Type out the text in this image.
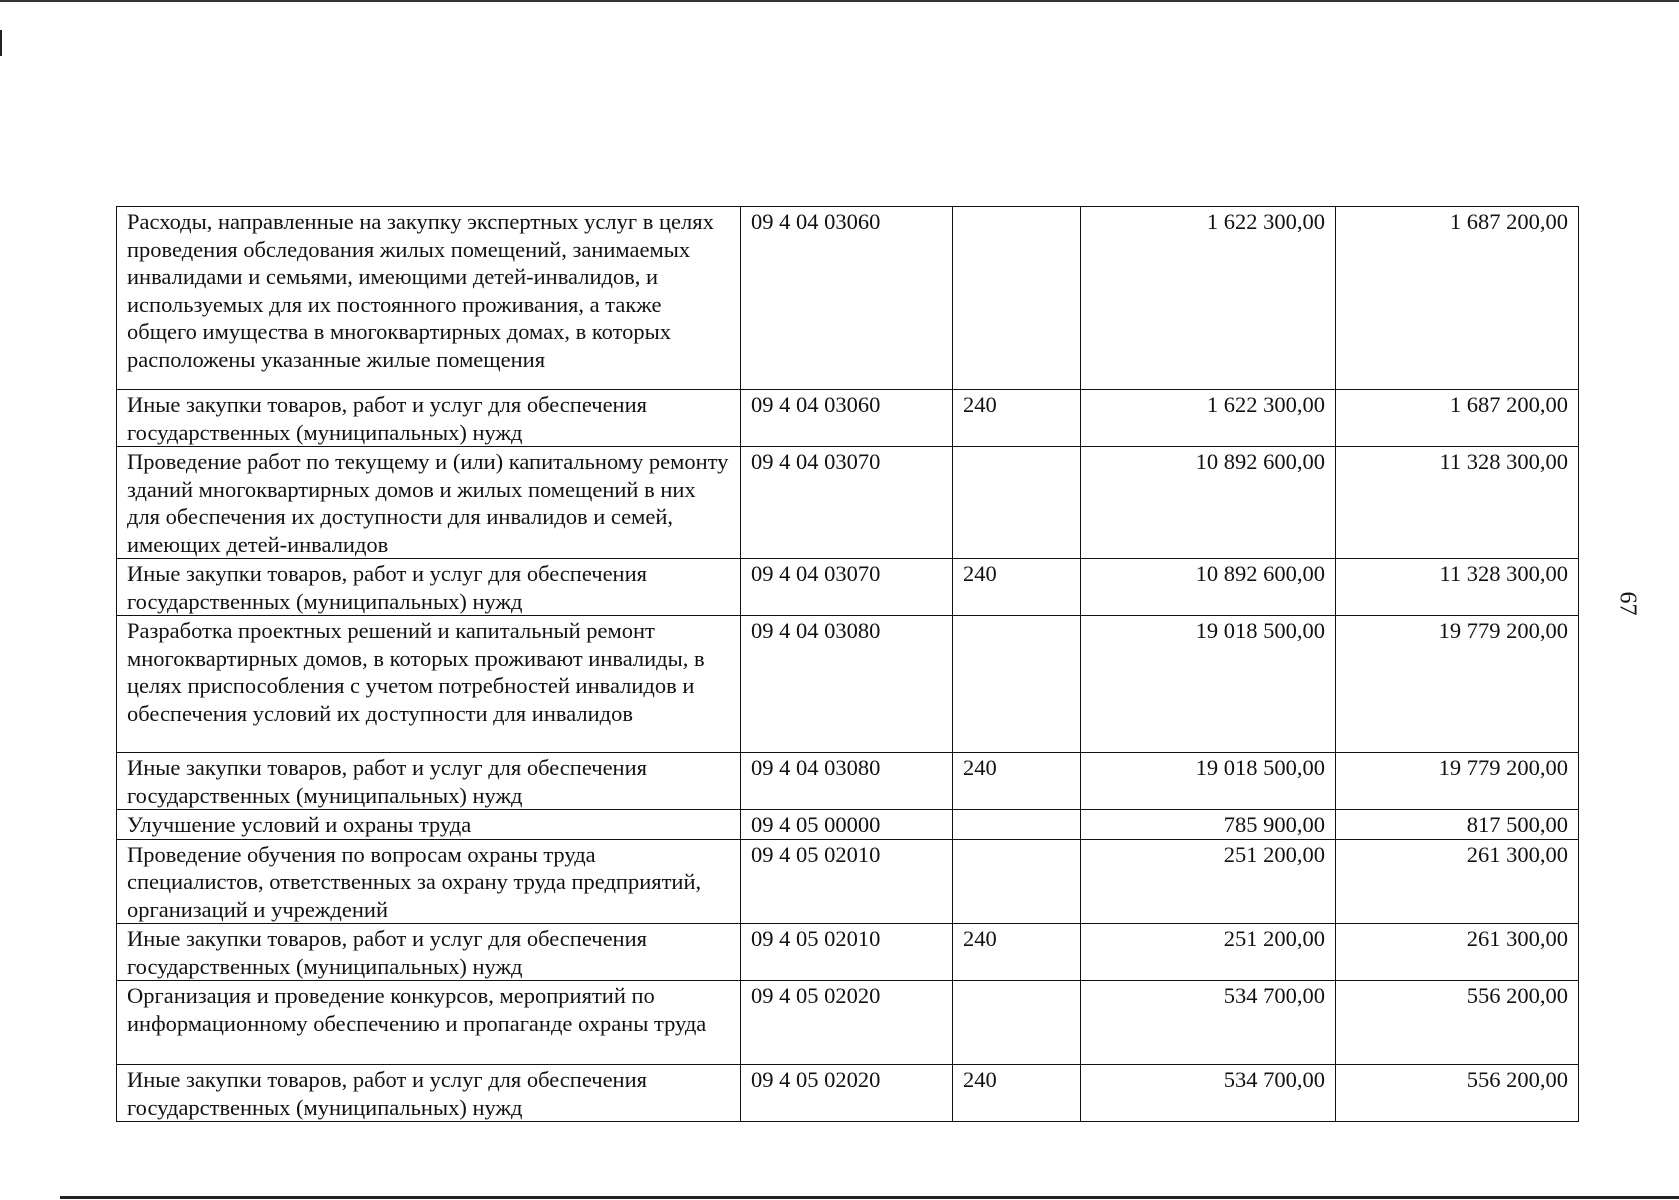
67
Расходы, направленные на закупку экспертных услуг в целях проведения обследования жилых помещений, занимаемых инвалидами и семьями, имеющими детей-инвалидов, и используемых для их постоянного проживания, а также общего имущества в многоквартирных домах, в которых расположены указанные жилые помещения	09 4 04 03060		1 622 300,00	1 687 200,00
Иные закупки товаров, работ и услуг для обеспечения государственных (муниципальных) нужд	09 4 04 03060	240	1 622 300,00	1 687 200,00
Проведение работ по текущему и (или) капитальному ремонту зданий многоквартирных домов и жилых помещений в них для обеспечения их доступности для инвалидов и семей, имеющих детей-инвалидов	09 4 04 03070		10 892 600,00	11 328 300,00
Иные закупки товаров, работ и услуг для обеспечения государственных (муниципальных) нужд	09 4 04 03070	240	10 892 600,00	11 328 300,00
Разработка проектных решений и капитальный ремонт многоквартирных домов, в которых проживают инвалиды, в целях приспособления с учетом потребностей инвалидов и обеспечения условий их доступности для инвалидов	09 4 04 03080		19 018 500,00	19 779 200,00
Иные закупки товаров, работ и услуг для обеспечения государственных (муниципальных) нужд	09 4 04 03080	240	19 018 500,00	19 779 200,00
Улучшение условий и охраны труда	09 4 05 00000		785 900,00	817 500,00
Проведение обучения по вопросам охраны труда специалистов, ответственных за охрану труда предприятий, организаций и учреждений	09 4 05 02010		251 200,00	261 300,00
Иные закупки товаров, работ и услуг для обеспечения государственных (муниципальных) нужд	09 4 05 02010	240	251 200,00	261 300,00
Организация и проведение конкурсов, мероприятий по информационному обеспечению и пропаганде охраны труда	09 4 05 02020		534 700,00	556 200,00
Иные закупки товаров, работ и услуг для обеспечения государственных (муниципальных) нужд	09 4 05 02020	240	534 700,00	556 200,00
